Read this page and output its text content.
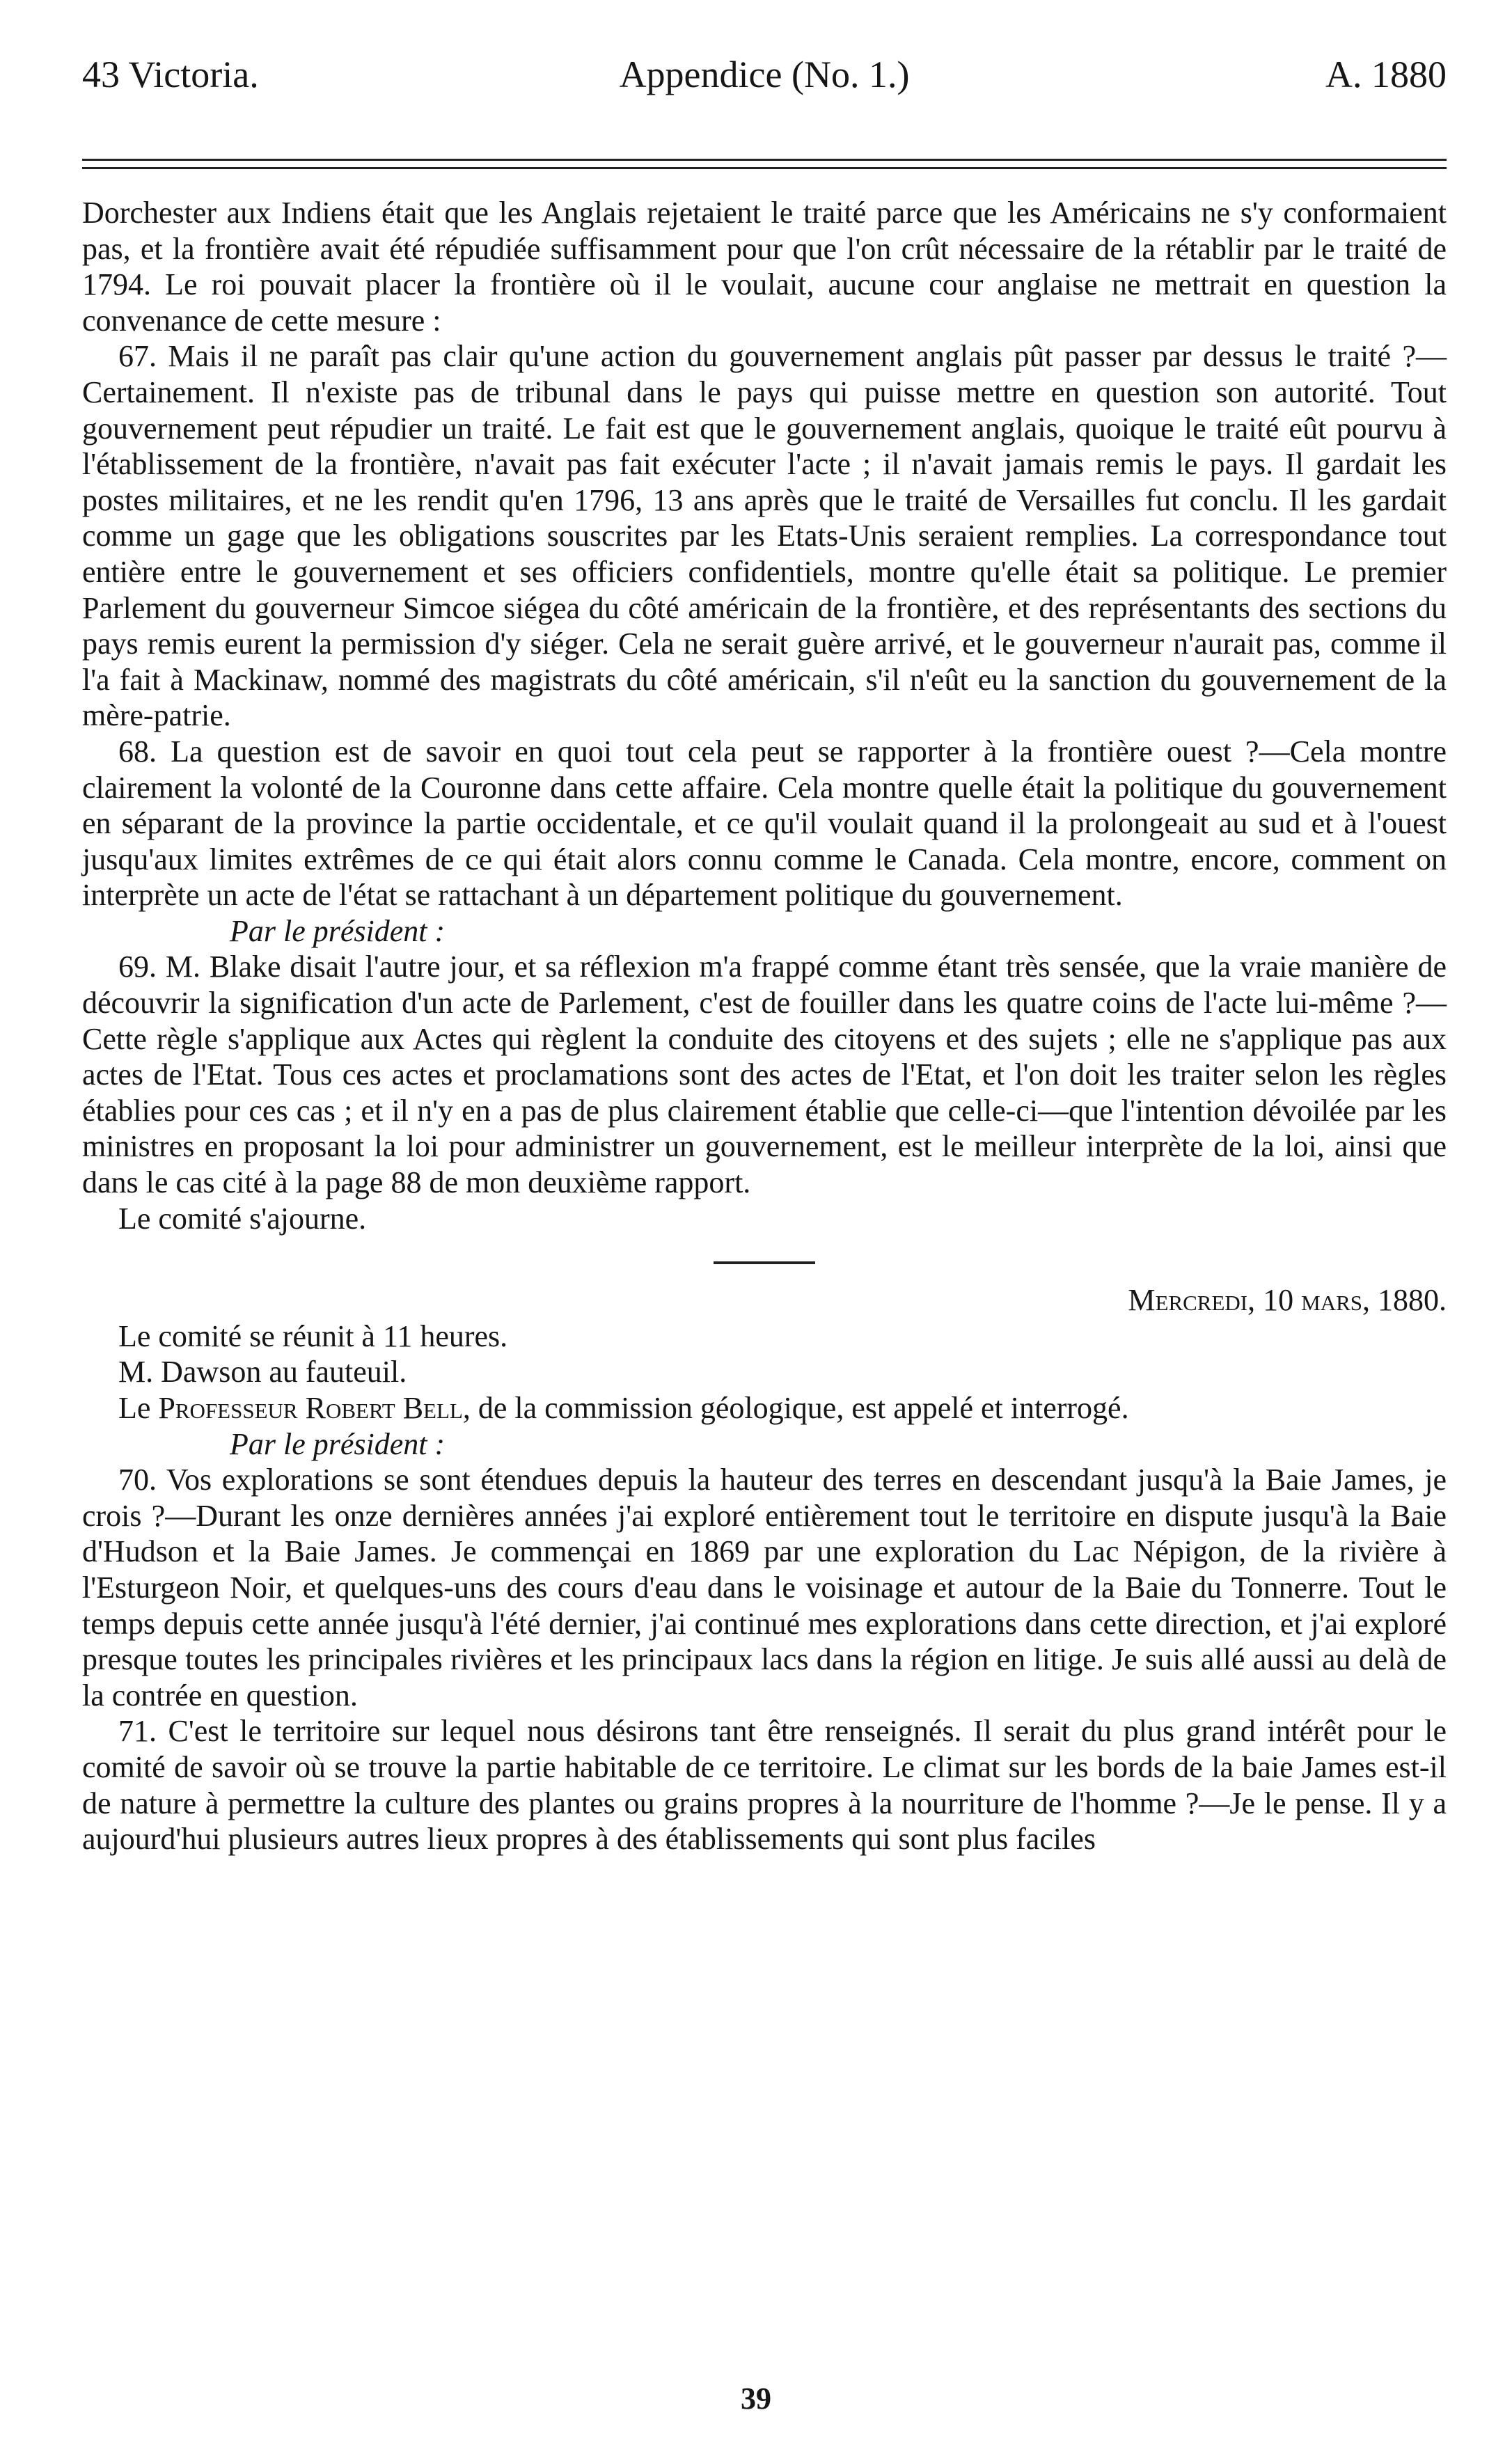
Appendice (No. 1.)
43 Victoria.	A. 1880

Dorchester aux Indiens était que les Anglais rejetaient le traité parce que les Américains ne s'y conformaient pas, et la frontière avait été répudiée suffisamment pour que l'on crût nécessaire de la rétablir par le traité de 1794. Le roi pouvait placer la frontière où il le voulait, aucune cour anglaise ne mettrait en question la convenance de cette mesure :

67. Mais il ne paraît pas clair qu'une action du gouvernement anglais pût passer par dessus le traité ?—Certainement. Il n'existe pas de tribunal dans le pays qui puisse mettre en question son autorité. Tout gouvernement peut répudier un traité. Le fait est que le gouvernement anglais, quoique le traité eût pourvu à l'établissement de la frontière, n'avait pas fait exécuter l'acte ; il n'avait jamais remis le pays. Il gardait les postes militaires, et ne les rendit qu'en 1796, 13 ans après que le traité de Versailles fut conclu. Il les gardait comme un gage que les obligations souscrites par les Etats-Unis seraient remplies. La correspondance tout entière entre le gouvernement et ses officiers confidentiels, montre qu'elle était sa politique. Le premier Parlement du gouverneur Simcoe siégea du côté américain de la frontière, et des représentants des sections du pays remis eurent la permission d'y siéger. Cela ne serait guère arrivé, et le gouverneur n'aurait pas, comme il l'a fait à Mackinaw, nommé des magistrats du côté américain, s'il n'eût eu la sanction du gouvernement de la mère-patrie.

68. La question est de savoir en quoi tout cela peut se rapporter à la frontière ouest ?—Cela montre clairement la volonté de la Couronne dans cette affaire. Cela montre quelle était la politique du gouvernement en séparant de la province la partie occidentale, et ce qu'il voulait quand il la prolongeait au sud et à l'ouest jusqu'aux limites extrêmes de ce qui était alors connu comme le Canada. Cela montre, encore, comment on interprète un acte de l'état se rattachant à un département politique du gouvernement.

Par le président :

69. M. Blake disait l'autre jour, et sa réflexion m'a frappé comme étant très sensée, que la vraie manière de découvrir la signification d'un acte de Parlement, c'est de fouiller dans les quatre coins de l'acte lui-même ?—Cette règle s'applique aux Actes qui règlent la conduite des citoyens et des sujets ; elle ne s'applique pas aux actes de l'Etat. Tous ces actes et proclamations sont des actes de l'Etat, et l'on doit les traiter selon les règles établies pour ces cas ; et il n'y en a pas de plus clairement établie que celle-ci—que l'intention dévoilée par les ministres en proposant la loi pour administrer un gouvernement, est le meilleur interprète de la loi, ainsi que dans le cas cité à la page 88 de mon deuxième rapport.

Le comité s'ajourne.

Mercredi, 10 mars, 1880.

Le comité se réunit à 11 heures.

M. Dawson au fauteuil.

Le Professeur Robert Bell, de la commission géologique, est appelé et interrogé.

Par le président :

70. Vos explorations se sont étendues depuis la hauteur des terres en descendant jusqu'à la Baie James, je crois ?—Durant les onze dernières années j'ai exploré entièrement tout le territoire en dispute jusqu'à la Baie d'Hudson et la Baie James. Je commençai en 1869 par une exploration du Lac Népigon, de la rivière à l'Esturgeon Noir, et quelques-uns des cours d'eau dans le voisinage et autour de la Baie du Tonnerre. Tout le temps depuis cette année jusqu'à l'été dernier, j'ai continué mes explorations dans cette direction, et j'ai exploré presque toutes les principales rivières et les principaux lacs dans la région en litige. Je suis allé aussi au delà de la contrée en question.

71. C'est le territoire sur lequel nous désirons tant être renseignés. Il serait du plus grand intérêt pour le comité de savoir où se trouve la partie habitable de ce territoire. Le climat sur les bords de la baie James est-il de nature à permettre la culture des plantes ou grains propres à la nourriture de l'homme ?—Je le pense. Il y a aujourd'hui plusieurs autres lieux propres à des établissements qui sont plus faciles

39
